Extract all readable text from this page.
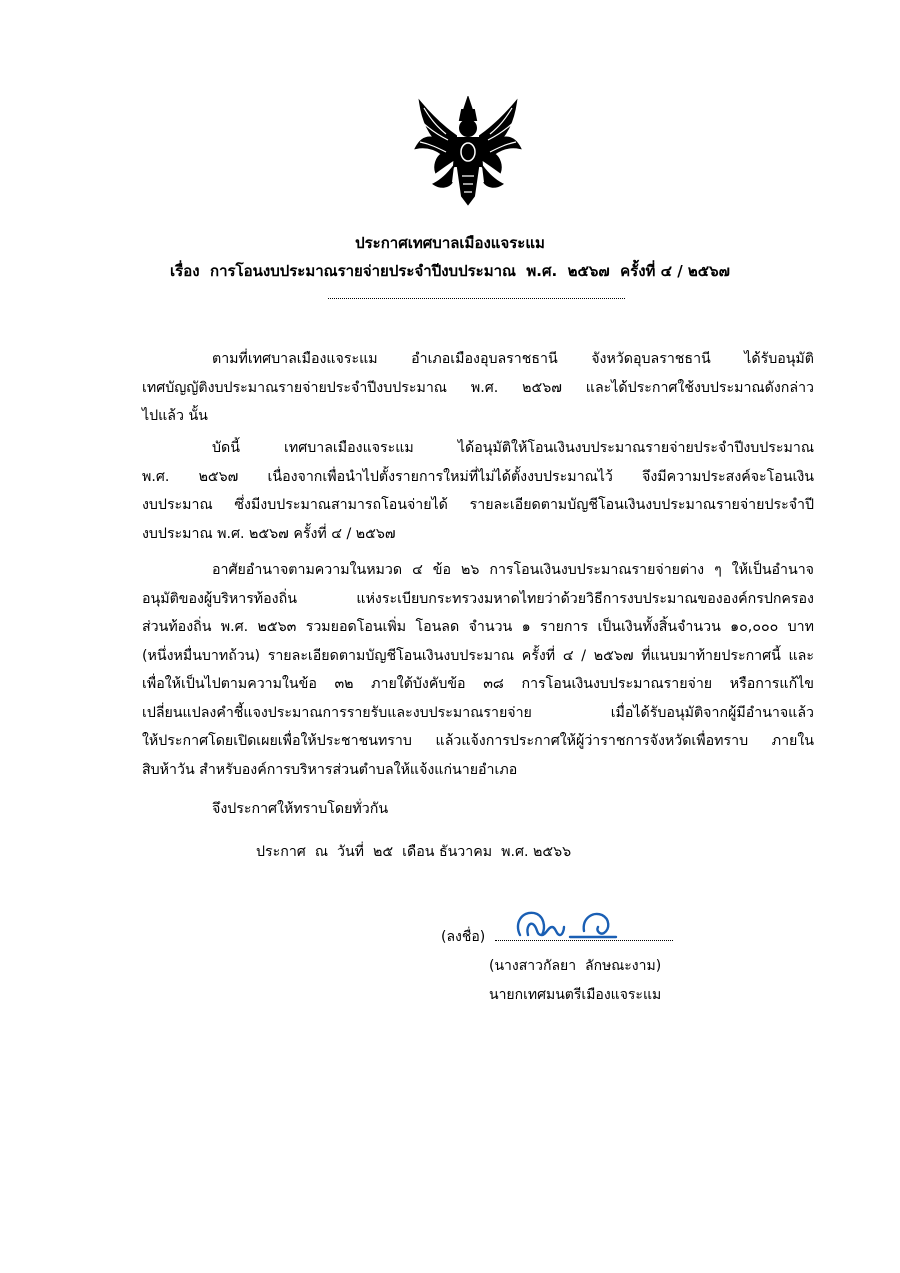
ประกาศเทศบาลเมืองแจระแม
เรื่อง  การโอนงบประมาณรายจ่ายประจำปีงบประมาณ  พ.ศ.  ๒๕๖๗  ครั้งที่ ๔ / ๒๕๖๗
ตามที่เทศบาลเมืองแจระแม อำเภอเมืองอุบลราชธานี จังหวัดอุบลราชธานี ได้รับอนุมัติ
เทศบัญญัติงบประมาณรายจ่ายประจำปีงบประมาณ พ.ศ. ๒๕๖๗ และได้ประกาศใช้งบประมาณดังกล่าว
ไปแล้ว นั้น
บัดนี้ เทศบาลเมืองแจระแม ได้อนุมัติให้โอนเงินงบประมาณรายจ่ายประจำปีงบประมาณ
พ.ศ. ๒๕๖๗ เนื่องจากเพื่อนำไปตั้งรายการใหม่ที่ไม่ได้ตั้งงบประมาณไว้ จึงมีความประสงค์จะโอนเงิน
งบประมาณ ซึ่งมีงบประมาณสามารถโอนจ่ายได้ รายละเอียดตามบัญชีโอนเงินงบประมาณรายจ่ายประจำปี
งบประมาณ พ.ศ. ๒๕๖๗ ครั้งที่ ๔ / ๒๕๖๗
อาศัยอำนาจตามความในหมวด ๔ ข้อ ๒๖ การโอนเงินงบประมาณรายจ่ายต่าง ๆ ให้เป็นอำนาจ
อนุมัติของผู้บริหารท้องถิ่น แห่งระเบียบกระทรวงมหาดไทยว่าด้วยวิธีการงบประมาณขององค์กรปกครอง
ส่วนท้องถิ่น พ.ศ. ๒๕๖๓ รวมยอดโอนเพิ่ม โอนลด จำนวน ๑ รายการ เป็นเงินทั้งสิ้นจำนวน ๑๐,๐๐๐ บาท
(หนึ่งหมื่นบาทถ้วน) รายละเอียดตามบัญชีโอนเงินงบประมาณ ครั้งที่ ๔ / ๒๕๖๗ ที่แนบมาท้ายประกาศนี้ และ
เพื่อให้เป็นไปตามความในข้อ ๓๒ ภายใต้บังคับข้อ ๓๘ การโอนเงินงบประมาณรายจ่าย หรือการแก้ไข
เปลี่ยนแปลงคำชี้แจงประมาณการรายรับและงบประมาณรายจ่าย เมื่อได้รับอนุมัติจากผู้มีอำนาจแล้ว
ให้ประกาศโดยเปิดเผยเพื่อให้ประชาชนทราบ แล้วแจ้งการประกาศให้ผู้ว่าราชการจังหวัดเพื่อทราบ ภายใน
สิบห้าวัน สำหรับองค์การบริหารส่วนตำบลให้แจ้งแก่นายอำเภอ
จึงประกาศให้ทราบโดยทั่วกัน
ประกาศ  ณ  วันที่  ๒๕  เดือน ธันวาคม  พ.ศ. ๒๕๖๖
(ลงชื่อ)
(นางสาวกัลยา  ลักษณะงาม)
นายกเทศมนตรีเมืองแจระแม
